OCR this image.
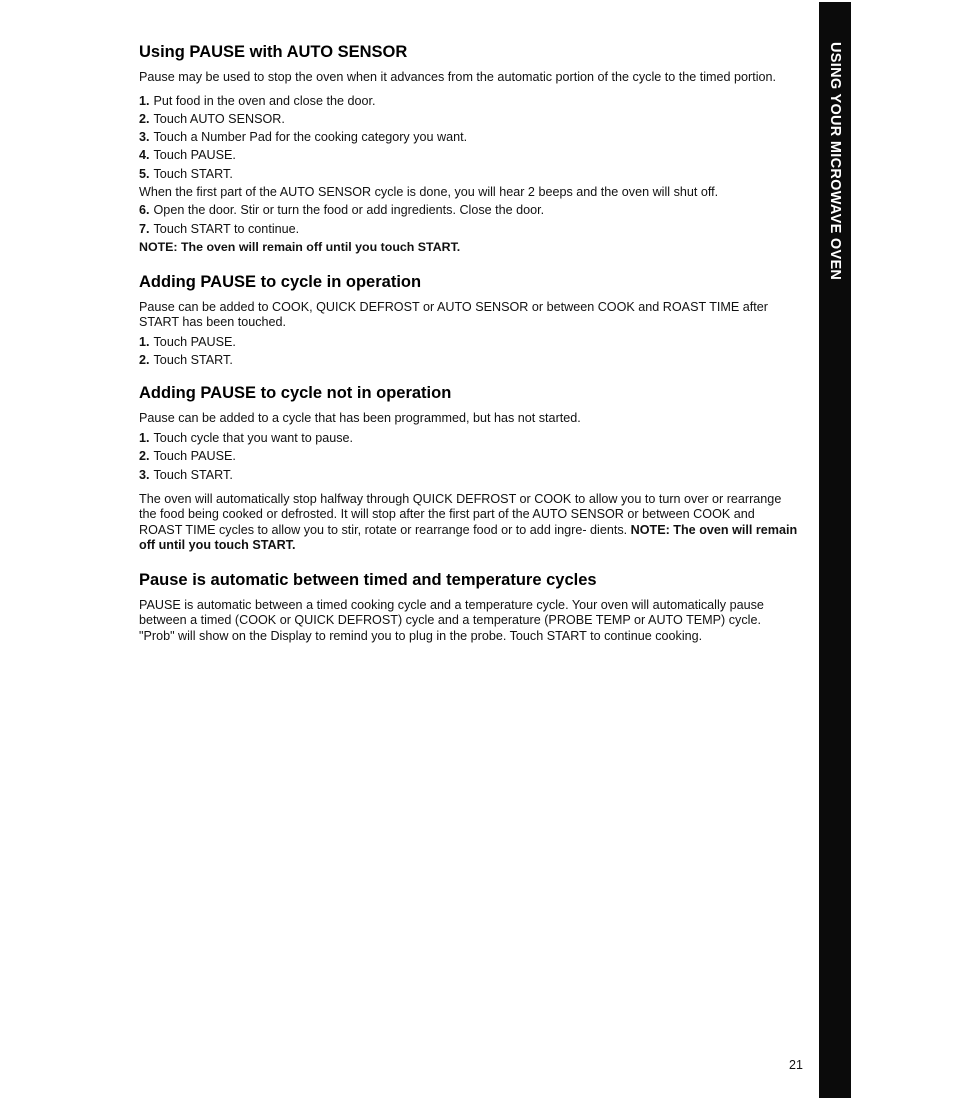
Using PAUSE with AUTO SENSOR

Pause may be used to stop the oven when it advances from the automatic portion of the cycle to the timed portion.

1. Put food in the oven and close the door.
2. Touch AUTO SENSOR.
3. Touch a Number Pad for the cooking category you want.
4. Touch PAUSE.
5. Touch START.

When the first part of the AUTO SENSOR cycle is done, you will hear 2 beeps and the oven will shut off.

6. Open the door. Stir or turn the food or add ingredients. Close the door.
7. Touch START to continue.
NOTE: The oven will remain off until you touch START.
Adding PAUSE to cycle in operation

Pause can be added to COOK, QUICK DEFROST or AUTO SENSOR or between COOK and ROAST TIME after START has been touched.

1. Touch PAUSE.
2. Touch START.
Adding PAUSE to cycle not in operation

Pause can be added to a cycle that has been programmed, but has not started.

1. Touch cycle that you want to pause.
2. Touch PAUSE.
3. Touch START.

The oven will automatically stop halfway through QUICK DEFROST or COOK to allow you to turn over or rearrange the food being cooked or defrosted. It will stop after the first part of the AUTO SENSOR or between COOK and ROAST TIME cycles to allow you to stir, rotate or rearrange food or to add ingre- dients. NOTE: The oven will remain off until you touch START.

Pause is automatic between timed and temperature cycles

PAUSE is automatic between a timed cooking cycle and a temperature cycle. Your oven will automatically pause between a timed (COOK or QUICK DEFROST) cycle and a temperature (PROBE TEMP or AUTO TEMP) cycle. "Prob" will show on the Display to remind you to plug in the probe. Touch START to continue cooking.

USING YOUR MICROWAVE OVEN
21
